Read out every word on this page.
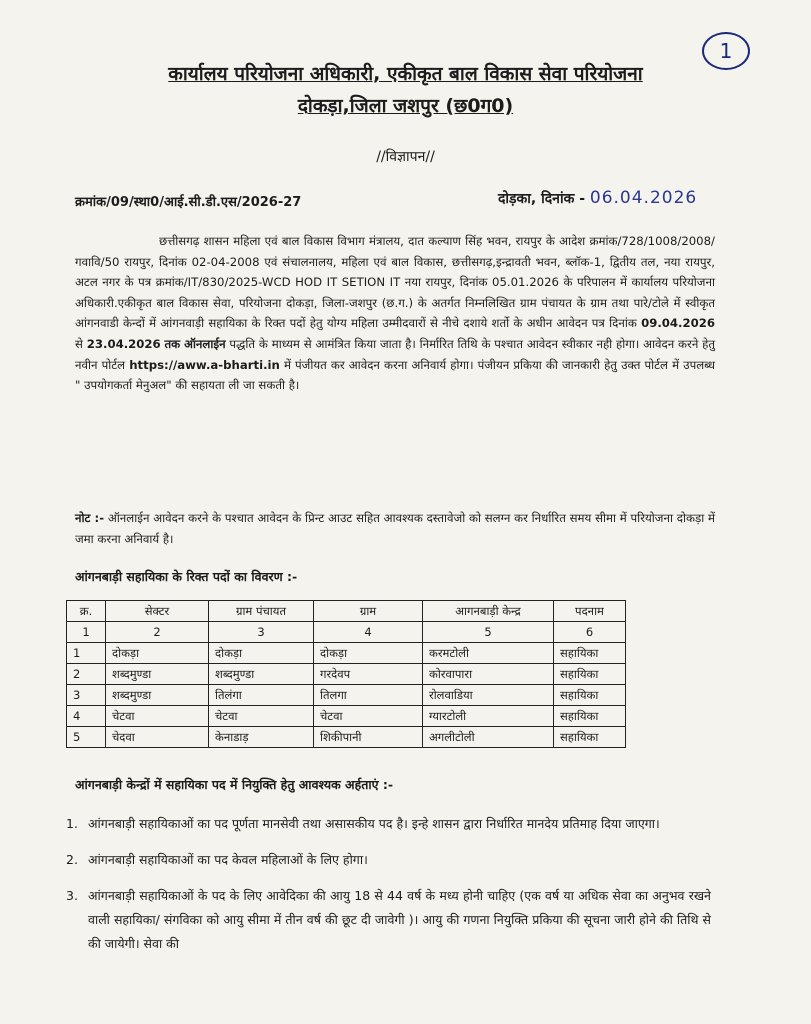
1
कार्यालय परियोजना अधिकारी, एकीकृत बाल विकास सेवा परियोजना
दोकड़ा,जिला जशपुर (छ0ग0)
//विज्ञापन//
क्रमांक/09/स्था0/आई.सी.डी.एस/2026-27	दोड़का, दिनांक - 06.04.2026
छत्तीसगढ़ शासन महिला एवं बाल विकास विभाग मंत्रालय, दात कल्याण सिंह भवन, रायपुर के आदेश क्रमांक/728/1008/2008/गवावि/50 रायपुर, दिनांक 02-04-2008 एवं संचालनालय, महिला एवं बाल विकास, छत्तीसगढ़,इन्द्रावती भवन, ब्लॉक-1, द्वितीय तल, नया रायपुर, अटल नगर के पत्र क्रमांक/IT/830/2025-WCD HOD IT SETION IT नया रायपुर, दिनांक 05.01.2026 के परिपालन में कार्यालय परियोजना अधिकारी.एकीकृत बाल विकास सेवा, परियोजना दोकड़ा, जिला-जशपुर (छ.ग.) के अतर्गत निम्नलिखित ग्राम पंचायत के ग्राम तथा पारे/टोले में स्वीकृत आंगनवाडी केन्दों में आंगनवाड़ी सहायिका के रिक्त पदों हेतु योग्य महिला उम्मीदवारों से नीचे दशाये शर्तो के अधीन आवेदन पत्र दिनांक 09.04.2026 से 23.04.2026 तक ऑनलाईन पद्धति के माध्यम से आमंत्रित किया जाता है। निर्मारित तिथि के पश्चात आवेदन स्वीकार नही होगा। आवेदन करने हेतु नवीन पोर्टल https://aww.a-bharti.in में पंजीयत कर आवेदन करना अनिवार्य होगा। पंजीयन प्रकिया की जानकारी हेतु उक्त पोर्टल में उपलब्ध " उपयोगकर्ता मेनुअल" की सहायता ली जा सकती है।
नोट :- ऑनलाईन आवेदन करने के पश्चात आवेदन के प्रिन्ट आउट सहित आवश्यक दस्तावेजो को सलग्न कर निर्धारित समय सीमा में परियोजना दोकड़ा में जमा करना अनिवार्य है।
आंगनबाड़ी सहायिका के रिक्त पदों का विवरण :-
क्र.	सेक्टर	ग्राम पंचायत	ग्राम	आगनबाड़ी केन्द्र	पदनाम
1	2	3	4	5	6
1	दोकड़ा	दोकड़ा	दोकड़ा	करमटोली	सहायिका
2	शब्दमुण्डा	शब्दमुण्डा	गरदेवप	कोरवापारा	सहायिका
3	शब्दमुण्डा	तिलंगा	तिलगा	रोलवाडिया	सहायिका
4	चेटवा	चेटवा	चेटवा	ग्यारटोली	सहायिका
5	चेदवा	केनाडाड़	शिकीपानी	अगलीटोली	सहायिका
आंगनबाड़ी केन्द्रों में सहायिका पद में नियुक्ति हेतु आवश्यक अर्हताएं :-
1. आंगनबाड़ी सहायिकाओं का पद पूर्णता मानसेवी तथा असासकीय पद है। इन्हे शासन द्वारा निर्धारित मानदेय प्रतिमाह दिया जाएगा।
2. आंगनबाड़ी सहायिकाओं का पद केवल महिलाओं के लिए होगा।
3. आंगनबाड़ी सहायिकाओं के पद के लिए आवेदिका की आयु 18 से 44 वर्ष के मध्य होनी चाहिए (एक वर्ष या अधिक सेवा का अनुभव रखने वाली सहायिका/ संगविका को आयु सीमा में तीन वर्ष की छूट दी जावेगी )। आयु की गणना नियुक्ति प्रकिया की सूचना जारी होने की तिथि से की जायेगी। सेवा की
